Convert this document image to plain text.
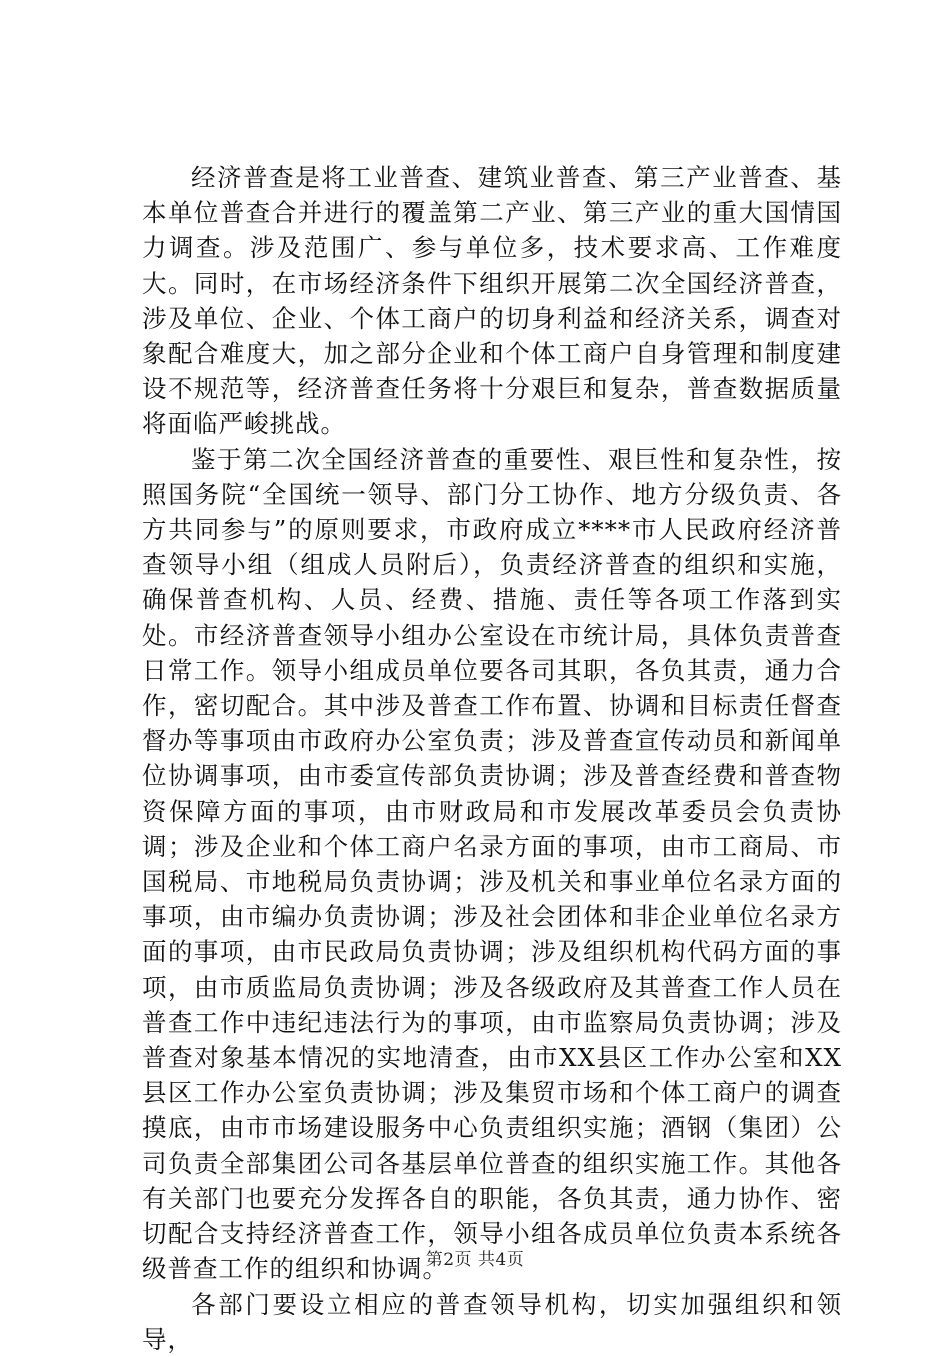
经济普查是将工业普查、建筑业普查、第三产业普查、基本单位普查合并进行的覆盖第二产业、第三产业的重大国情国力调查。涉及范围广、参与单位多，技术要求高、工作难度大。同时，在市场经济条件下组织开展第二次全国经济普查，涉及单位、企业、个体工商户的切身利益和经济关系，调查对象配合难度大，加之部分企业和个体工商户自身管理和制度建设不规范等，经济普查任务将十分艰巨和复杂，普查数据质量将面临严峻挑战。

鉴于第二次全国经济普查的重要性、艰巨性和复杂性，按照国务院“全国统一领导、部门分工协作、地方分级负责、各方共同参与”的原则要求，市政府成立****市人民政府经济普查领导小组（组成人员附后），负责经济普查的组织和实施，确保普查机构、人员、经费、措施、责任等各项工作落到实处。市经济普查领导小组办公室设在市统计局，具体负责普查日常工作。领导小组成员单位要各司其职，各负其责，通力合作，密切配合。其中涉及普查工作布置、协调和目标责任督查督办等事项由市政府办公室负责；涉及普查宣传动员和新闻单位协调事项，由市委宣传部负责协调；涉及普查经费和普查物资保障方面的事项，由市财政局和市发展改革委员会负责协调；涉及企业和个体工商户名录方面的事项，由市工商局、市国税局、市地税局负责协调；涉及机关和事业单位名录方面的事项，由市编办负责协调；涉及社会团体和非企业单位名录方面的事项，由市民政局负责协调；涉及组织机构代码方面的事项，由市质监局负责协调；涉及各级政府及其普查工作人员在普查工作中违纪违法行为的事项，由市监察局负责协调；涉及普查对象基本情况的实地清查，由市XX县区工作办公室和XX县区工作办公室负责协调；涉及集贸市场和个体工商户的调查摸底，由市市场建设服务中心负责组织实施；酒钢（集团）公司负责全部集团公司各基层单位普查的组织实施工作。其他各有关部门也要充分发挥各自的职能，各负其责，通力协作、密切配合支持经济普查工作，领导小组各成员单位负责本系统各级普查工作的组织和协调。

各部门要设立相应的普查领导机构，切实加强组织和领导，

第2页 共4页
